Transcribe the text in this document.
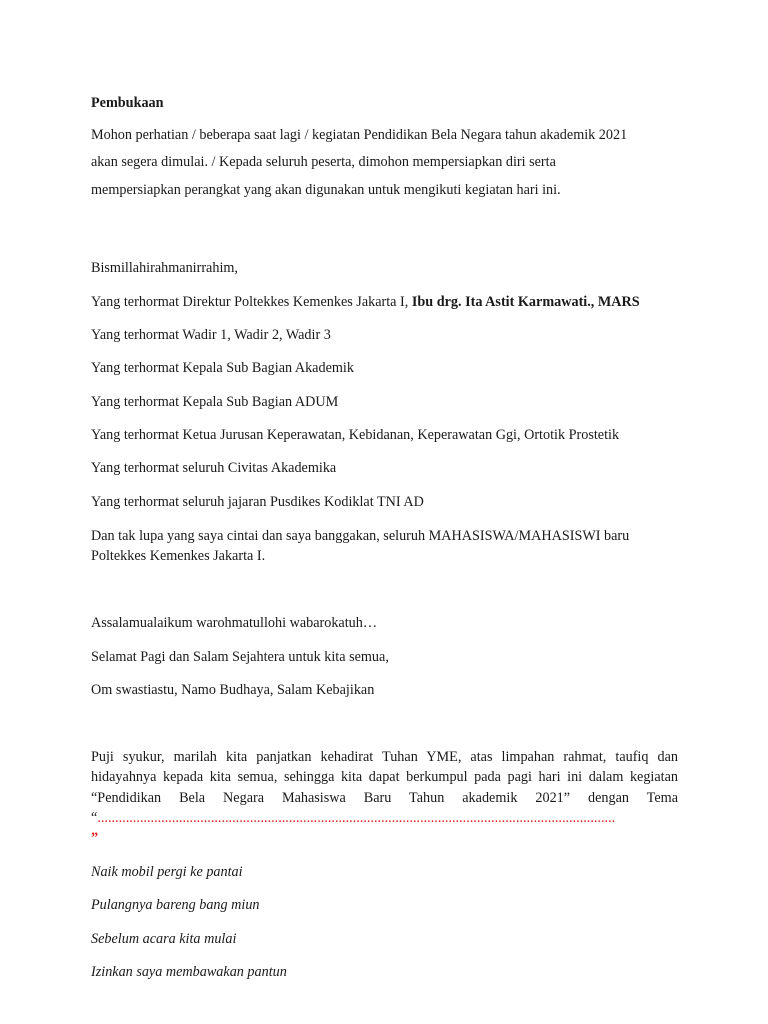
Pembukaan
Mohon perhatian / beberapa saat lagi / kegiatan Pendidikan Bela Negara tahun akademik 2021
akan segera dimulai. / Kepada seluruh peserta, dimohon mempersiapkan diri serta
mempersiapkan perangkat yang akan digunakan untuk mengikuti kegiatan hari ini.
Bismillahirahmanirrahim,
Yang terhormat Direktur Poltekkes Kemenkes Jakarta I, Ibu drg. Ita Astit Karmawati., MARS
Yang terhormat Wadir 1, Wadir 2, Wadir 3
Yang terhormat Kepala Sub Bagian Akademik
Yang terhormat Kepala Sub Bagian ADUM
Yang terhormat Ketua Jurusan Keperawatan, Kebidanan, Keperawatan Ggi, Ortotik Prostetik
Yang terhormat seluruh Civitas Akademika
Yang terhormat seluruh jajaran Pusdikes Kodiklat TNI AD
Dan tak lupa yang saya cintai dan saya banggakan, seluruh MAHASISWA/MAHASISWI baru
Poltekkes Kemenkes Jakarta I.
Assalamualaikum warohmatullohi wabarokatuh…
Selamat Pagi dan Salam Sejahtera untuk kita semua,
Om swastiastu, Namo Budhaya, Salam Kebajikan
Puji syukur, marilah kita panjatkan kehadirat Tuhan YME, atas limpahan rahmat, taufiq dan
hidayahnya kepada kita semua, sehingga kita dapat berkumpul pada pagi hari ini dalam kegiatan
“Pendidikan Bela Negara Mahasiswa Baru Tahun akademik 2021” dengan Tema
“..................................................................................................................................................
”
Naik mobil pergi ke pantai
Pulangnya bareng bang miun
Sebelum acara kita mulai
Izinkan saya membawakan pantun
